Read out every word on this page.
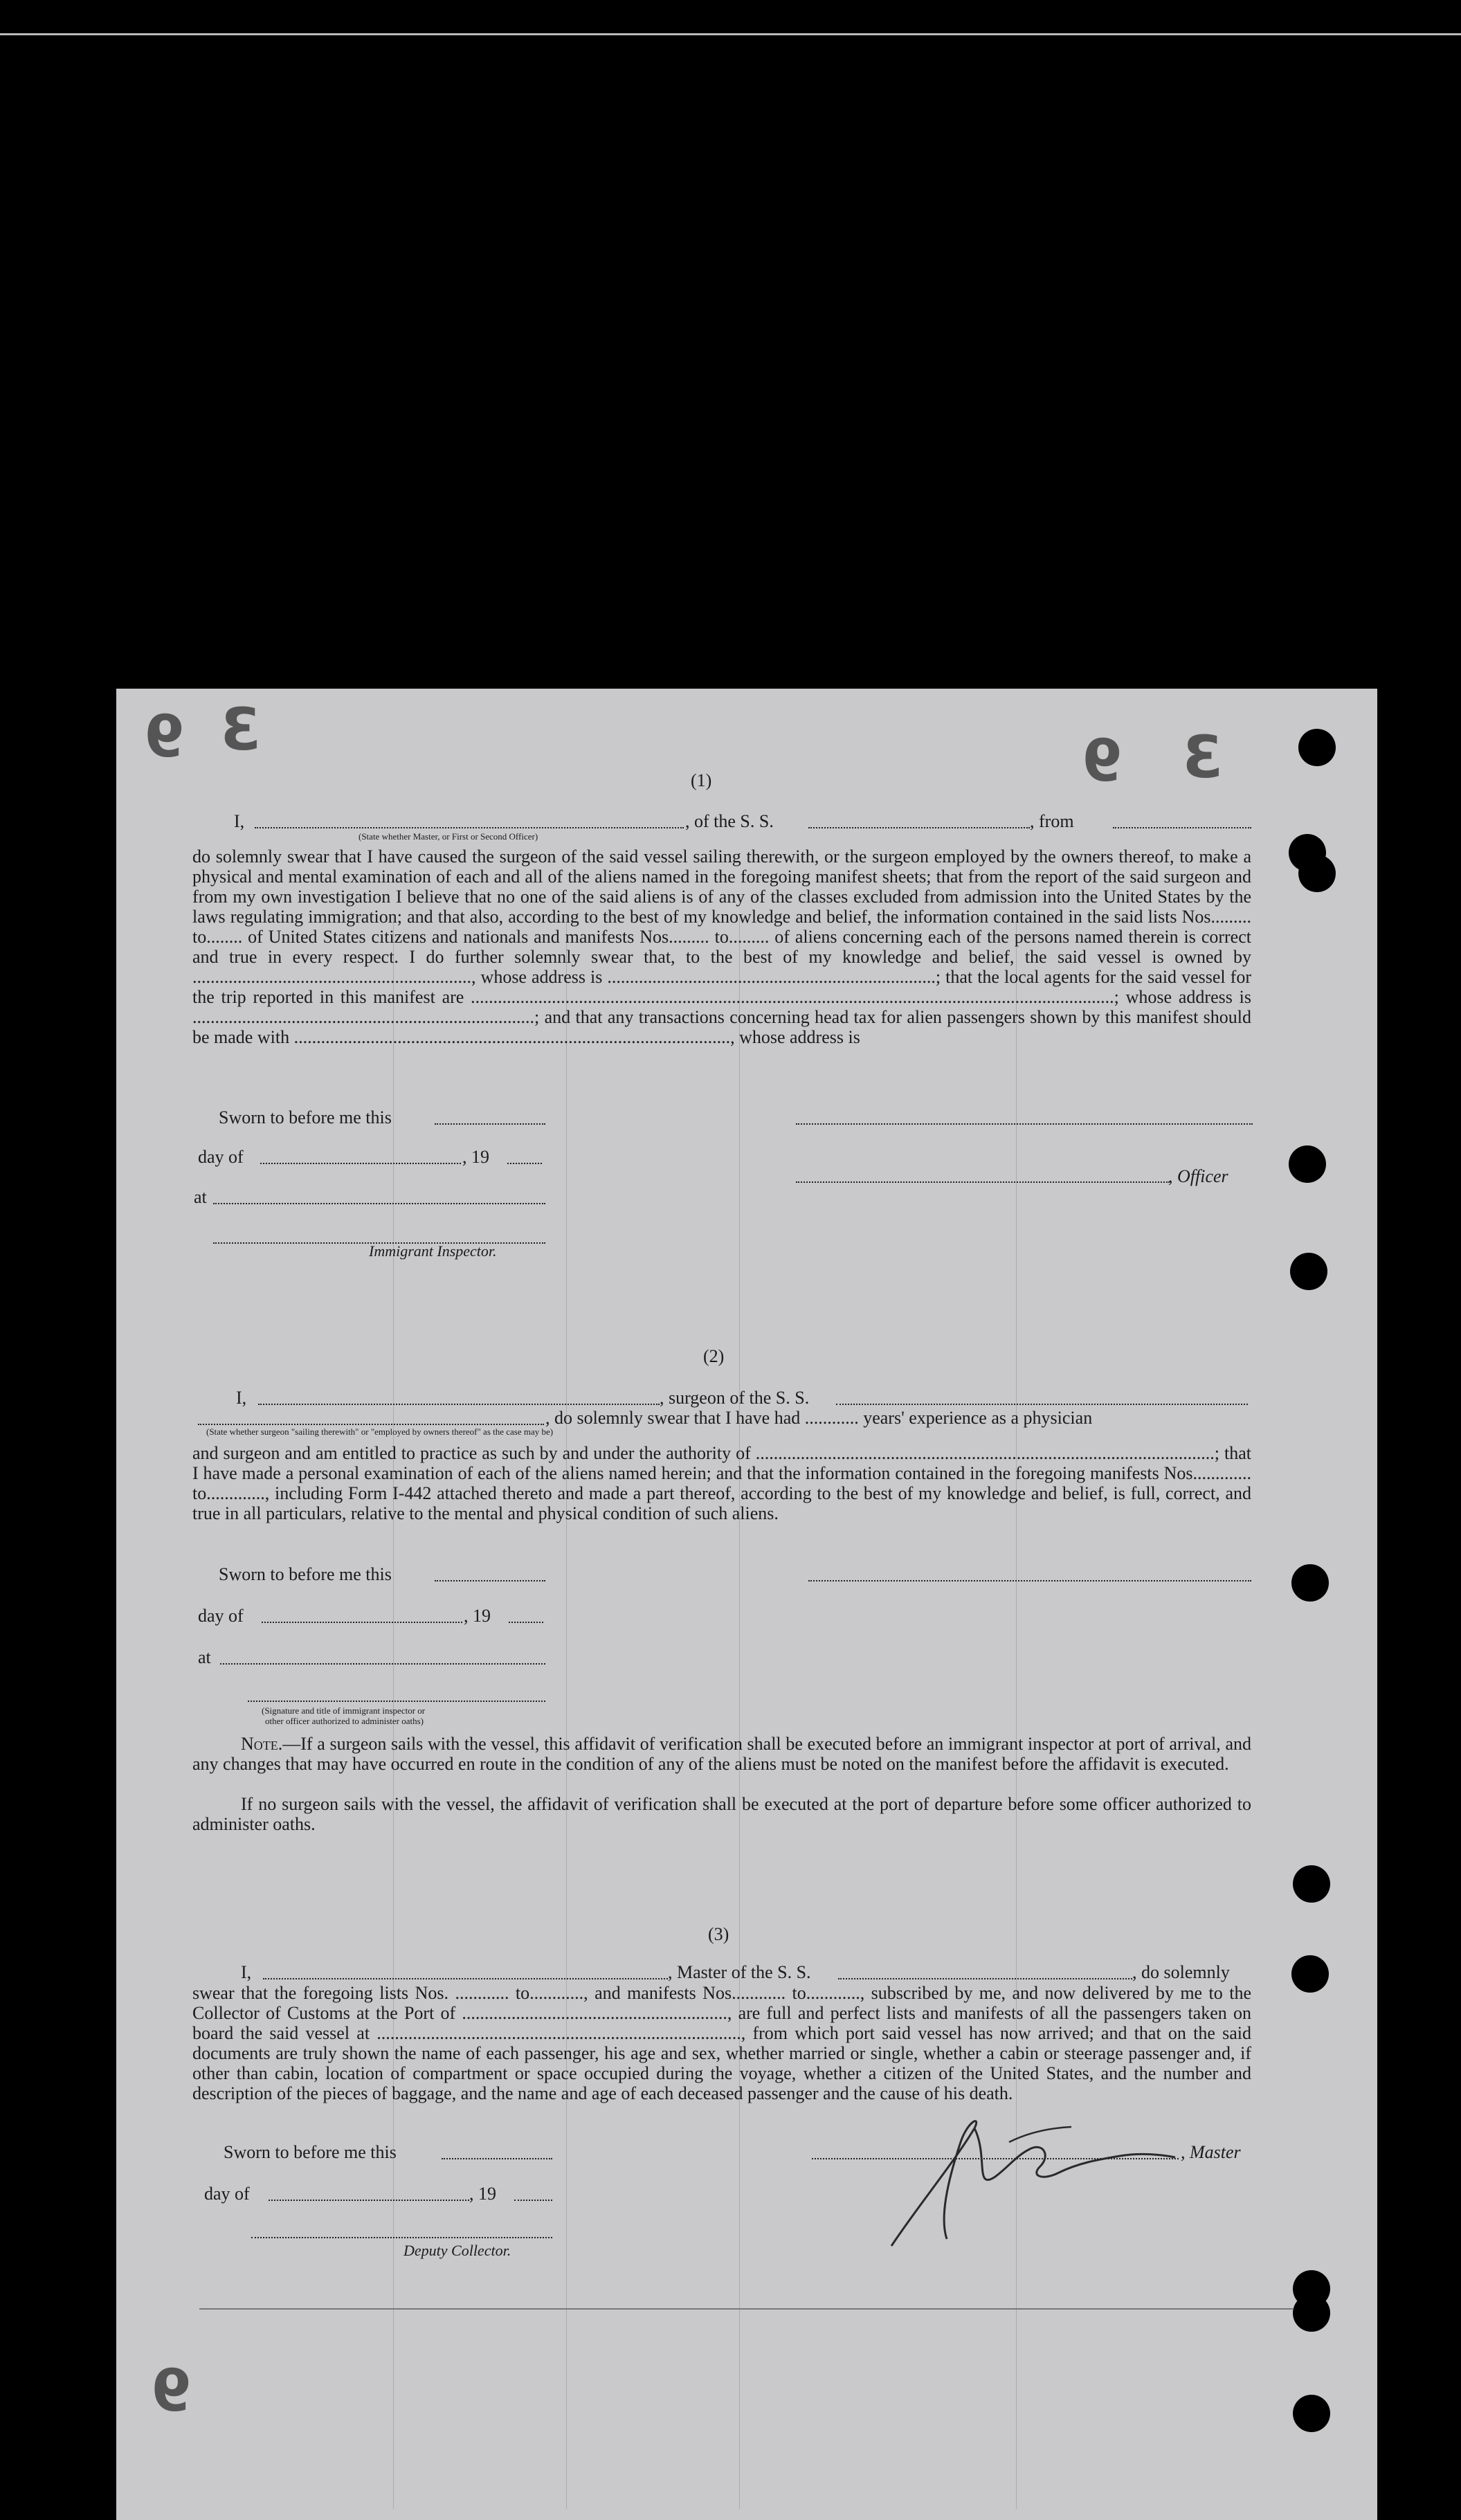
9 3	9 3
9
(1)
I,	, of the S. S.	, from
(State whether Master, or First or Second Officer)
do solemnly swear that I have caused the surgeon of the said vessel sailing therewith, or the surgeon employed by the owners thereof, to make a physical and mental examination of each and all of the aliens named in the foregoing manifest sheets; that from the report of the said surgeon and from my own investigation I believe that no one of the said aliens is of any of the classes excluded from admission into the United States by the laws regulating immigration; and that also, according to the best of my knowledge and belief, the information contained in the said lists Nos......... to........ of United States citizens and nationals and manifests Nos......... to......... of aliens concerning each of the persons named therein is correct and true in every respect. I do further solemnly swear that, to the best of my knowledge and belief, the said vessel is owned by .............................................................., whose address is .........................................................................; that the local agents for the said vessel for the trip reported in this manifest are ...............................................................................................................................................; whose address is ............................................................................; and that any transactions concerning head tax for alien passengers shown by this manifest should be made with ................................................................................................., whose address is
Sworn to before me this
day of	, 19
, Officer
at
Immigrant Inspector.
(2)
I,	, surgeon of the S. S.
, do solemnly swear that I have had ............ years' experience as a physician
(State whether surgeon "sailing therewith" or "employed by owners thereof" as the case may be)
and surgeon and am entitled to practice as such by and under the authority of ......................................................................................................; that I have made a personal examination of each of the aliens named herein; and that the information contained in the foregoing manifests Nos............. to............., including Form I-442 attached thereto and made a part thereof, according to the best of my knowledge and belief, is full, correct, and true in all particulars, relative to the mental and physical condition of such aliens.
Sworn to before me this
day of	, 19
at
(Signature and title of immigrant inspector or
other officer authorized to administer oaths)
Note.—If a surgeon sails with the vessel, this affidavit of verification shall be executed before an immigrant inspector at port of arrival, and any changes that may have occurred en route in the condition of any of the aliens must be noted on the manifest before the affidavit is executed.
If no surgeon sails with the vessel, the affidavit of verification shall be executed at the port of departure before some officer authorized to administer oaths.
(3)
I,	, Master of the S. S.	, do solemnly
swear that the foregoing lists Nos. ............ to............, and manifests Nos............ to............, subscribed by me, and now delivered by me to the Collector of Customs at the Port of ..........................................................., are full and perfect lists and manifests of all the passengers taken on board the said vessel at ................................................................................., from which port said vessel has now arrived; and that on the said documents are truly shown the name of each passenger, his age and sex, whether married or single, whether a cabin or steerage passenger and, if other than cabin, location of compartment or space occupied during the voyage, whether a citizen of the United States, and the number and description of the pieces of baggage, and the name and age of each deceased passenger and the cause of his death.
Sworn to before me this	, Master
day of	, 19
Deputy Collector.
